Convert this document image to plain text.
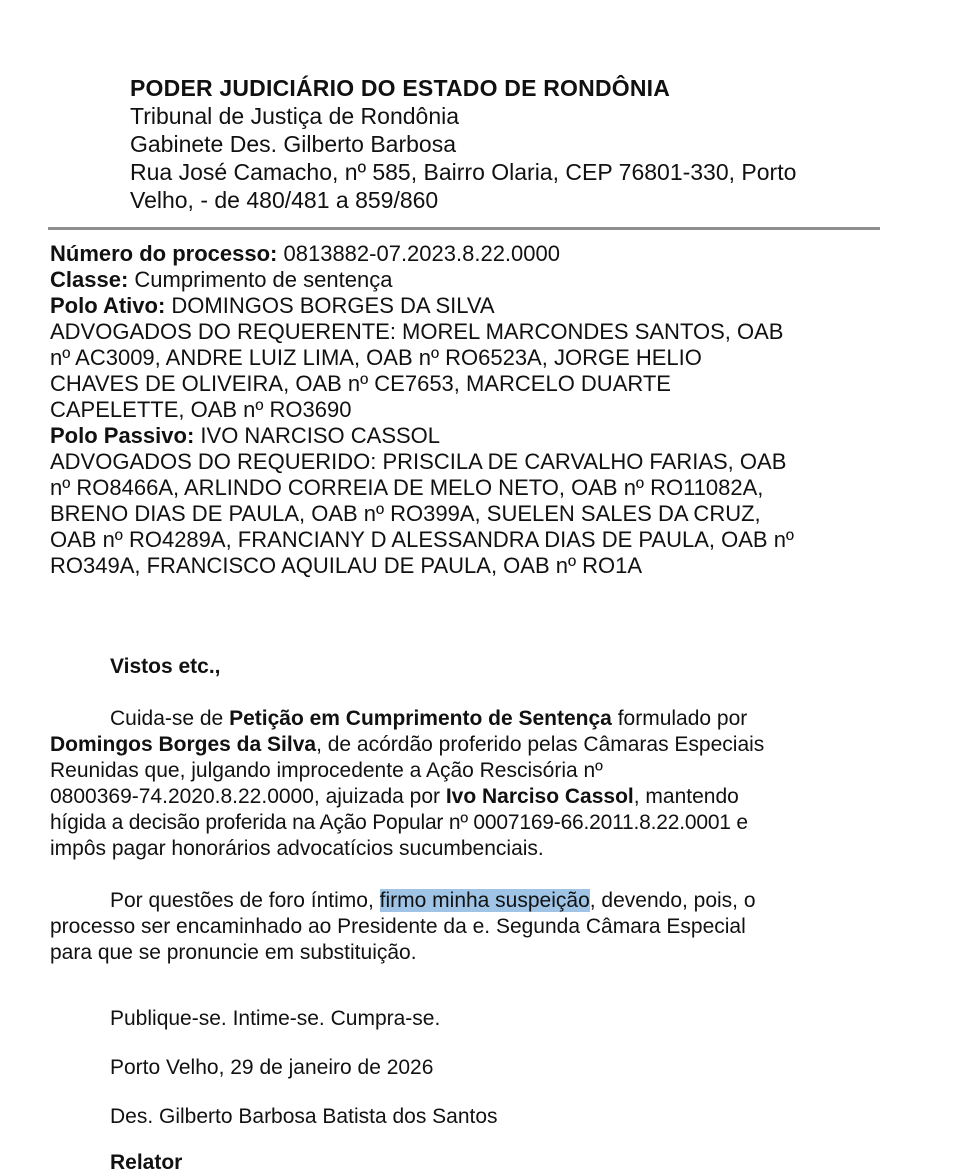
PODER JUDICIÁRIO DO ESTADO DE RONDÔNIA
Tribunal de Justiça de Rondônia
Gabinete Des. Gilberto Barbosa
Rua José Camacho, nº 585, Bairro Olaria, CEP 76801-330, Porto
Velho, - de 480/481 a 859/860
Número do processo: 0813882-07.2023.8.22.0000
Classe: Cumprimento de sentença
Polo Ativo: DOMINGOS BORGES DA SILVA
ADVOGADOS DO REQUERENTE: MOREL MARCONDES SANTOS, OAB
nº AC3009, ANDRE LUIZ LIMA, OAB nº RO6523A, JORGE HELIO
CHAVES DE OLIVEIRA, OAB nº CE7653, MARCELO DUARTE
CAPELETTE, OAB nº RO3690
Polo Passivo: IVO NARCISO CASSOL
ADVOGADOS DO REQUERIDO: PRISCILA DE CARVALHO FARIAS, OAB
nº RO8466A, ARLINDO CORREIA DE MELO NETO, OAB nº RO11082A,
BRENO DIAS DE PAULA, OAB nº RO399A, SUELEN SALES DA CRUZ,
OAB nº RO4289A, FRANCIANY D ALESSANDRA DIAS DE PAULA, OAB nº
RO349A, FRANCISCO AQUILAU DE PAULA, OAB nº RO1A

Vistos etc.,

Cuida-se de Petição em Cumprimento de Sentença formulado por
Domingos Borges da Silva, de acórdão proferido pelas Câmaras Especiais
Reunidas que, julgando improcedente a Ação Rescisória nº
0800369-74.2020.8.22.0000, ajuizada por Ivo Narciso Cassol, mantendo
hígida a decisão proferida na Ação Popular nº 0007169-66.2011.8.22.0001 e
impôs pagar honorários advocatícios sucumbenciais.

Por questões de foro íntimo, firmo minha suspeição, devendo, pois, o
processo ser encaminhado ao Presidente da e. Segunda Câmara Especial
para que se pronuncie em substituição.

Publique-se. Intime-se. Cumpra-se.
Porto Velho, 29 de janeiro de 2026
Des. Gilberto Barbosa Batista dos Santos
Relator
